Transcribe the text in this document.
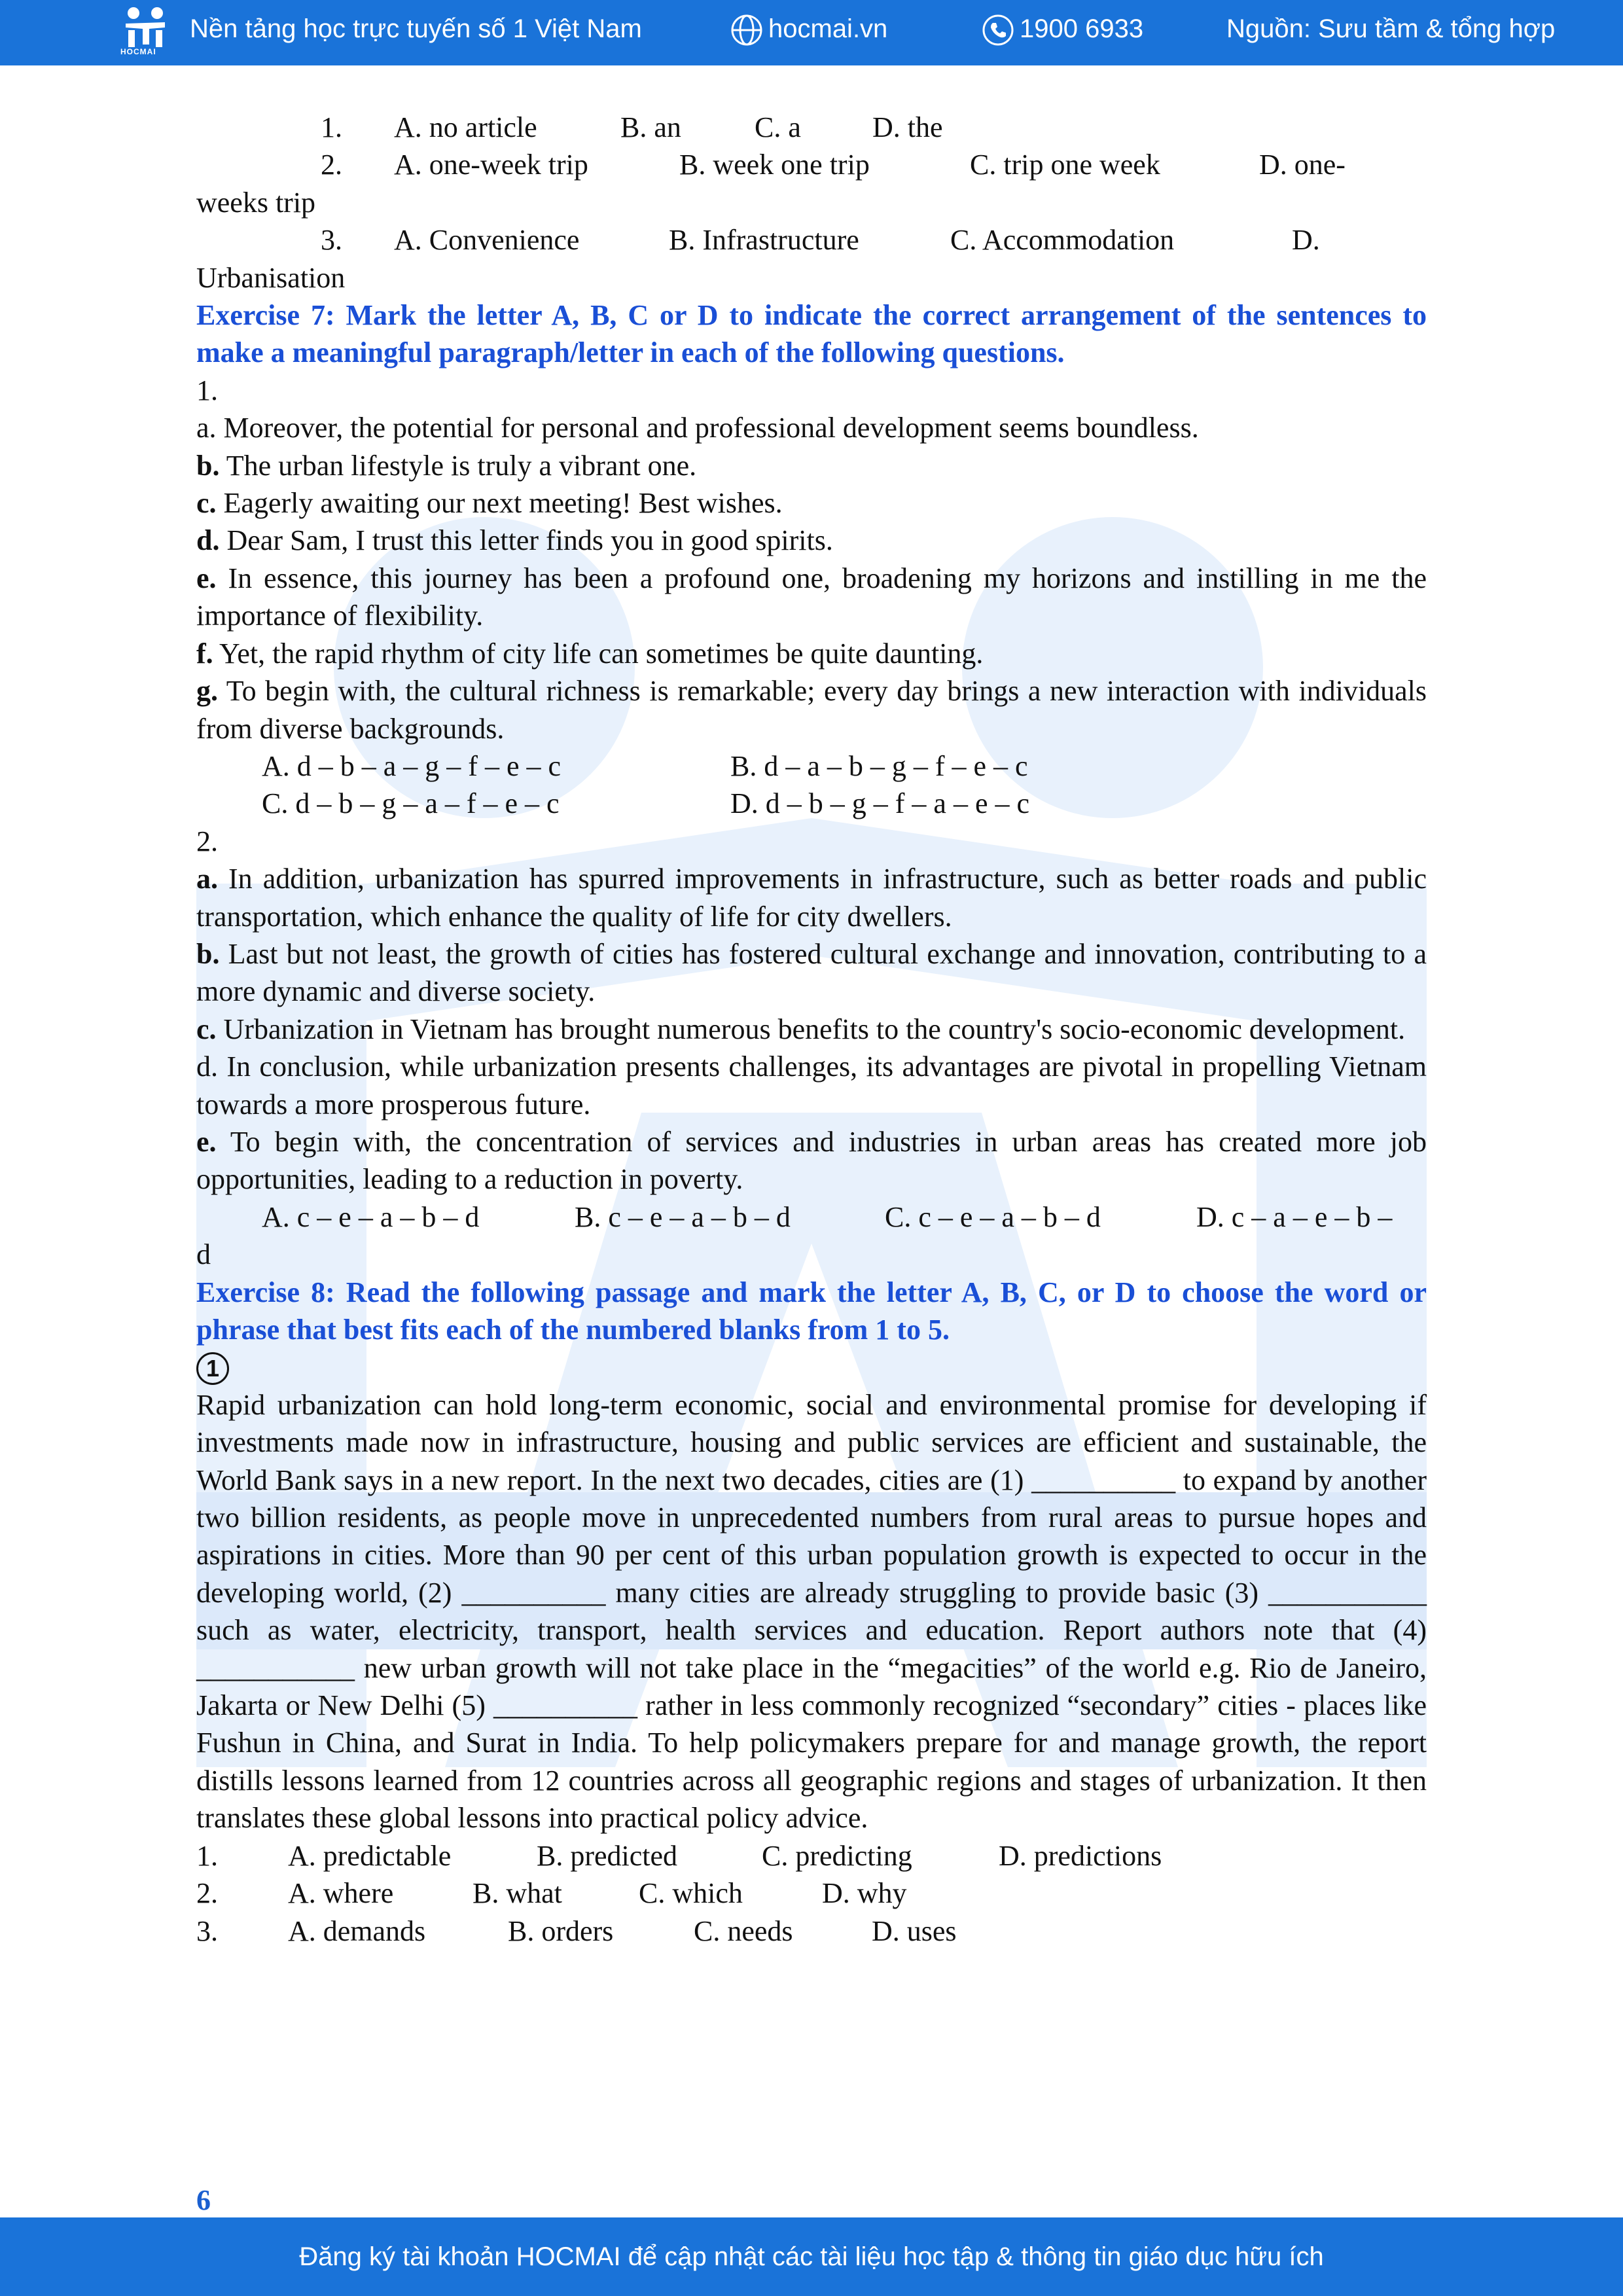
HOCMAI
Nền tảng học trực tuyến số 1 Việt Nam	hocmai.vn	1900 6933	Nguồn: Sưu tầm & tổng hợp
1.	A. no article	B. an	C. a	D. the
2.	A. one-week trip	B. week one trip	C. trip one week	D. one-

weeks trip

3.	A. Convenience	B. Infrastructure	C. Accommodation	D.

Urbanisation

Exercise 7: Mark the letter A, B, C or D to indicate the correct arrangement of the sentences to make a meaningful paragraph/letter in each of the following questions.

1.

a. Moreover, the potential for personal and professional development seems boundless.

b. The urban lifestyle is truly a vibrant one.

c. Eagerly awaiting our next meeting! Best wishes.

d. Dear Sam, I trust this letter finds you in good spirits.

e. In essence, this journey has been a profound one, broadening my horizons and instilling in me the importance of flexibility.

f. Yet, the rapid rhythm of city life can sometimes be quite daunting.

g. To begin with, the cultural richness is remarkable; every day brings a new interaction with individuals from diverse backgrounds.

A. d – b – a – g – f – e – c	B. d – a – b – g – f – e – c
C. d – b – g – a – f – e – c	D. d – b – g – f – a – e – c

2.

a. In addition, urbanization has spurred improvements in infrastructure, such as better roads and public transportation, which enhance the quality of life for city dwellers.

b. Last but not least, the growth of cities has fostered cultural exchange and innovation, contributing to a more dynamic and diverse society.

c. Urbanization in Vietnam has brought numerous benefits to the country's socio-economic development.

d. In conclusion, while urbanization presents challenges, its advantages are pivotal in propelling Vietnam towards a more prosperous future.

e. To begin with, the concentration of services and industries in urban areas has created more job opportunities, leading to a reduction in poverty.

A. c – e – a – b – d	B. c – e – a – b – d	C. c – e – a – b – d	D. c – a – e – b –

d

Exercise 8: Read the following passage and mark the letter A, B, C, or D to choose the word or phrase that best fits each of the numbered blanks from 1 to 5.

1

Rapid urbanization can hold long-term economic, social and environmental promise for developing if investments made now in infrastructure, housing and public services are efficient and sustainable, the World Bank says in a new report. In the next two decades, cities are (1) __________ to expand by another two billion residents, as people move in unprecedented numbers from rural areas to pursue hopes and aspirations in cities. More than 90 per cent of this urban population growth is expected to occur in the developing world, (2) __________ many cities are already struggling to provide basic (3) ___________ such as water, electricity, transport, health services and education. Report authors note that (4) ___________ new urban growth will not take place in the “megacities” of the world e.g. Rio de Janeiro, Jakarta or New Delhi (5) __________ rather in less commonly recognized “secondary” cities - places like Fushun in China, and Surat in India. To help policymakers prepare for and manage growth, the report distills lessons learned from 12 countries across all geographic regions and stages of urbanization. It then translates these global lessons into practical policy advice.

1.	A. predictable	B. predicted	C. predicting	D. predictions
2.	A. where	B. what	C. which	D. why
3.	A. demands	B. orders	C. needs	D. uses
6
Đăng ký tài khoản HOCMAI để cập nhật các tài liệu học tập & thông tin giáo dục hữu ích
